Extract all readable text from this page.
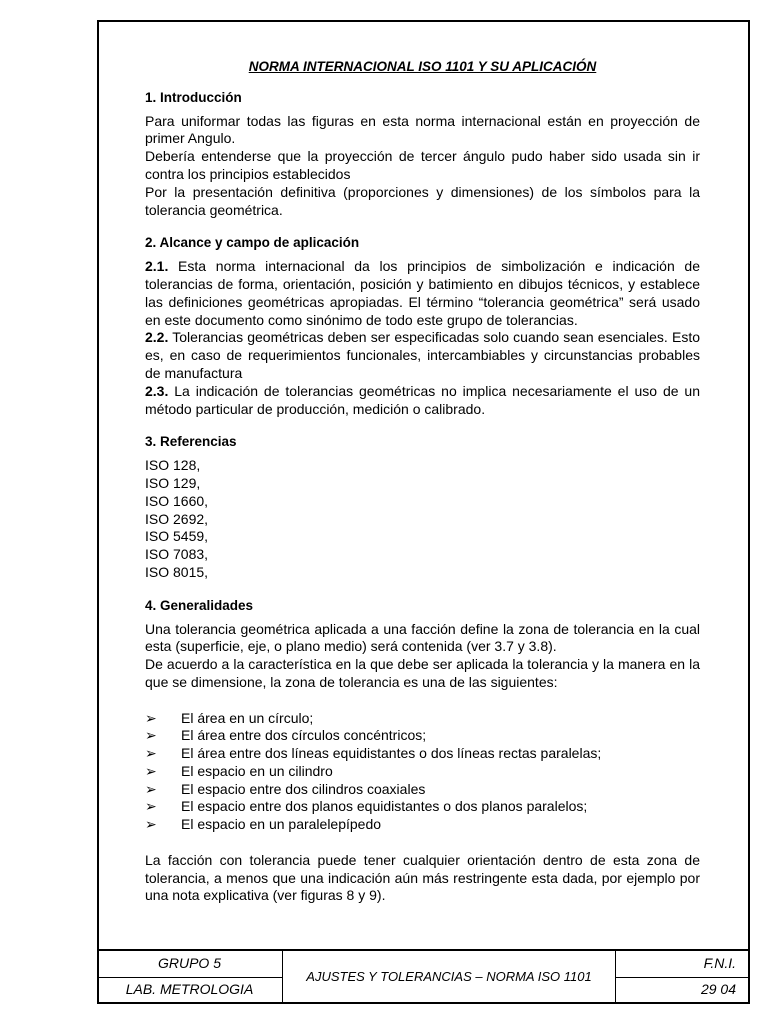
NORMA INTERNACIONAL ISO 1101 Y SU APLICACIÓN
1. Introducción

Para uniformar todas las figuras en esta norma internacional están en proyección de primer Angulo.

Debería entenderse que la proyección de tercer ángulo pudo haber sido usada sin ir contra los principios establecidos

Por la presentación definitiva (proporciones y dimensiones) de los símbolos para la tolerancia geométrica.

2. Alcance y campo de aplicación

2.1. Esta norma internacional da los principios de simbolización e indicación de tolerancias de forma, orientación, posición y batimiento en dibujos técnicos, y establece las definiciones geométricas apropiadas. El término “tolerancia geométrica” será usado en este documento como sinónimo de todo este grupo de tolerancias.

2.2. Tolerancias geométricas deben ser especificadas solo cuando sean esenciales. Esto es, en caso de requerimientos funcionales, intercambiables y circunstancias probables de manufactura

2.3. La indicación de tolerancias geométricas no implica necesariamente el uso de un método particular de producción, medición o calibrado.

3. Referencias
ISO 128,
ISO 129,
ISO 1660,
ISO 2692,
ISO 5459,
ISO 7083,
ISO 8015,
4. Generalidades

Una tolerancia geométrica aplicada a una facción define la zona de tolerancia en la cual esta (superficie, eje, o plano medio) será contenida (ver 3.7 y 3.8).

De acuerdo a la característica en la que debe ser aplicada la tolerancia y la manera en la que se dimensione, la zona de tolerancia es una de las siguientes:

➢ El área en un círculo;
➢ El área entre dos círculos concéntricos;
➢ El área entre dos líneas equidistantes o dos líneas rectas paralelas;
➢ El espacio en un cilindro
➢ El espacio entre dos cilindros coaxiales
➢ El espacio entre dos planos equidistantes o dos planos paralelos;
➢ El espacio en un paralelepípedo

La facción con tolerancia puede tener cualquier orientación dentro de esta zona de tolerancia, a menos que una indicación aún más restringente esta dada, por ejemplo por una nota explicativa (ver figuras 8 y 9).

GRUPO 5
LAB. METROLOGIA
AJUSTES Y TOLERANCIAS – NORMA ISO 1101
F.N.I.
29 04
